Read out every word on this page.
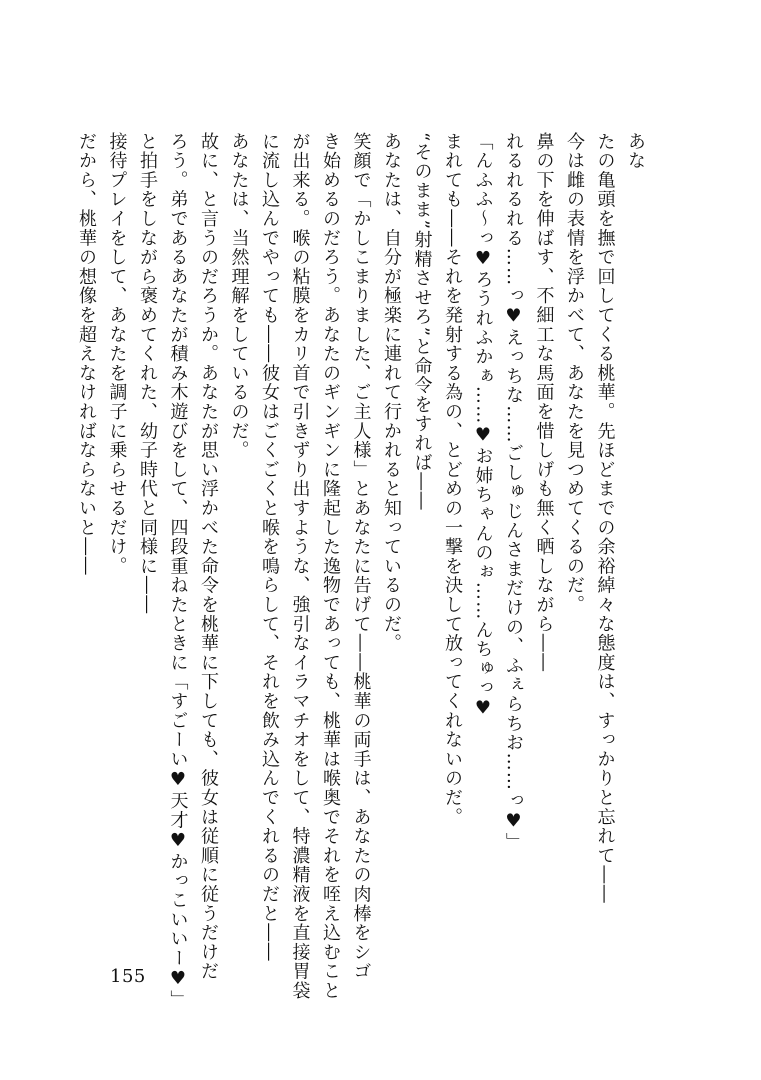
あな

たの亀頭を撫で回してくる桃華。先ほどまでの余裕綽々な態度は、すっかりと忘れて――

今は雌の表情を浮かべて、あなたを見つめてくるのだ。

鼻の下を伸ばす、不細工な馬面を惜しげも無く晒しながら――

れるれるれる……っ♥えっちな……ごしゅじんさまだけの、ふぇらちお……っ♥」

「んふふ～っ♥ろうれふかぁ……♥お姉ちゃんのぉ……んちゅっ♥

まれても――それを発射する為の、とどめの一撃を決して放ってくれないのだ。

“そのまま”射精させろ”と命令をすれば――

あなたは、自分が極楽に連れて行かれると知っているのだ。

笑顔で「かしこまりました、ご主人様」とあなたに告げて――桃華の両手は、あなたの肉棒をシゴ

き始めるのだろう。あなたのギンギンに隆起した逸物であっても、桃華は喉奥でそれを咥え込むこと

が出来る。喉の粘膜をカリ首で引きずり出すような、強引なイラマチオをして、特濃精液を直接胃袋

に流し込んでやっても――彼女はごくごくと喉を鳴らして、それを飲み込んでくれるのだと――

あなたは、当然理解をしているのだ。

故に、と言うのだろうか。あなたが思い浮かべた命令を桃華に下しても、彼女は従順に従うだけだ

ろう。弟であるあなたが積み木遊びをして、四段重ねたときに「すごーい♥天才♥かっこいいー♥」

と拍手をしながら褒めてくれた、幼子時代と同様に――

接待プレイをして、あなたを調子に乗らせるだけ。

だから、桃華の想像を超えなければならないと――

155
